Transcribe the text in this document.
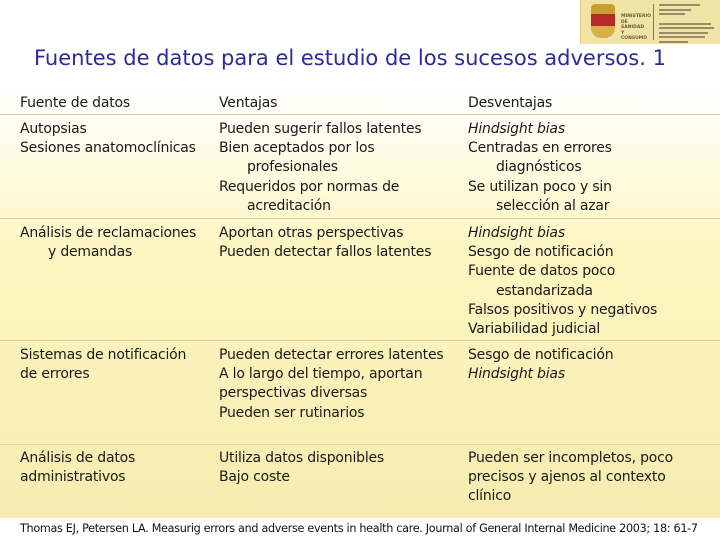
MINISTERIO DE SANIDAD Y CONSUMO
Fuentes de datos para el estudio de los sucesos adversos. 1
Fuente de datos	Ventajas	Desventajas
Autopsias
Sesiones anatomoclínicas
Pueden sugerir fallos latentes
Bien aceptados por los
profesionales
Requeridos por normas de
acreditación
Hindsight bias
Centradas en errores
diagnósticos
Se utilizan poco y sin
selección al azar
Análisis de reclamaciones
y demandas
Aportan otras perspectivas
Pueden detectar fallos latentes
Hindsight bias
Sesgo de notificación
Fuente de datos poco
estandarizada
Falsos positivos y negativos
Variabilidad judicial
Sistemas de notificación
de errores
Pueden detectar errores latentes
A lo largo del tiempo, aportan
perspectivas diversas
Pueden ser rutinarios
Sesgo de notificación
Hindsight bias
Análisis de datos
administrativos
Utiliza datos disponibles
Bajo coste
Pueden ser incompletos, poco
precisos y ajenos al contexto
clínico
Thomas EJ, Petersen LA. Measurig errors and adverse events in health care. Journal of General Internal Medicine 2003; 18: 61-7
